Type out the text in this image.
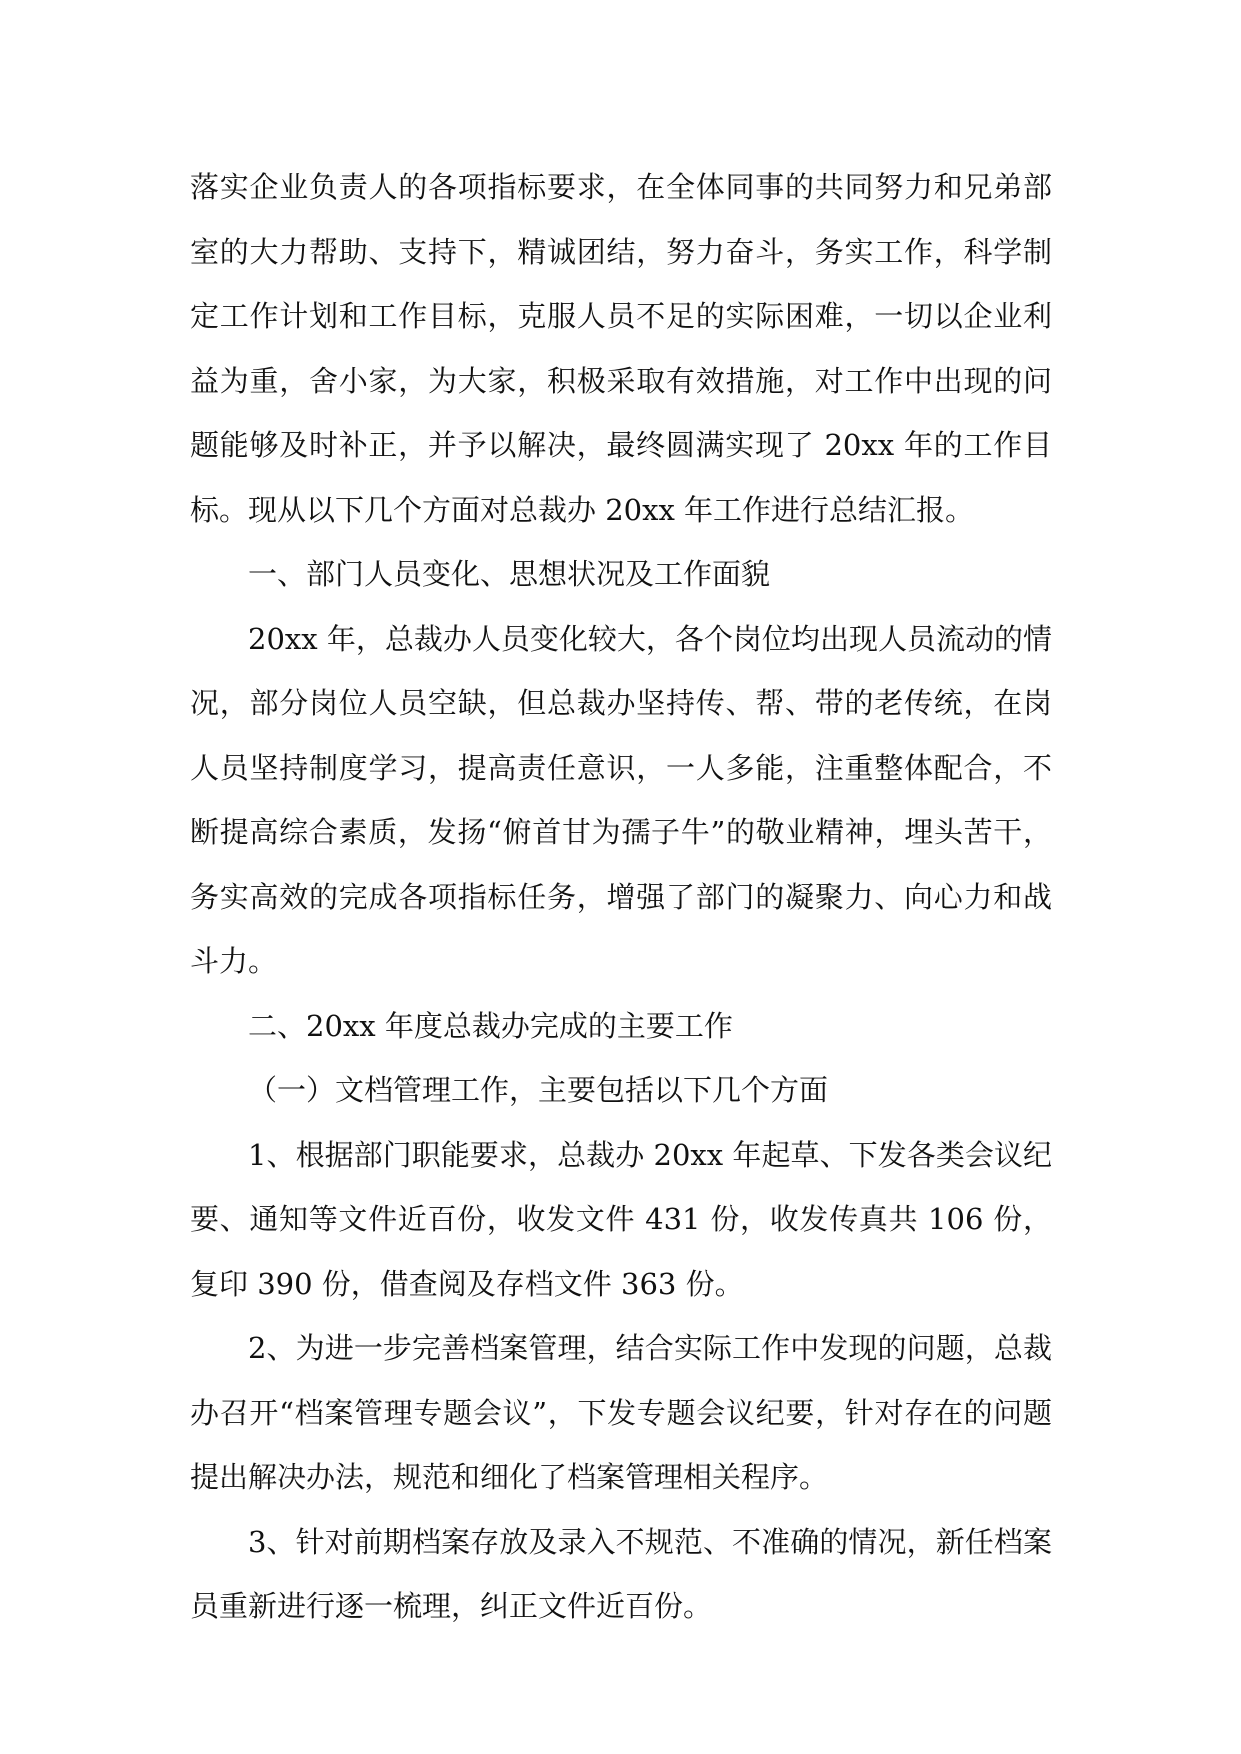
落实企业负责人的各项指标要求，在全体同事的共同努力和兄弟部室的大力帮助、支持下，精诚团结，努力奋斗，务实工作，科学制定工作计划和工作目标，克服人员不足的实际困难，一切以企业利益为重，舍小家，为大家，积极采取有效措施，对工作中出现的问题能够及时补正，并予以解决，最终圆满实现了 20xx 年的工作目标。现从以下几个方面对总裁办 20xx 年工作进行总结汇报。

一、部门人员变化、思想状况及工作面貌

20xx 年，总裁办人员变化较大，各个岗位均出现人员流动的情况，部分岗位人员空缺，但总裁办坚持传、帮、带的老传统，在岗人员坚持制度学习，提高责任意识，一人多能，注重整体配合，不断提高综合素质，发扬“俯首甘为孺子牛”的敬业精神，埋头苦干，务实高效的完成各项指标任务，增强了部门的凝聚力、向心力和战斗力。

二、20xx 年度总裁办完成的主要工作

（一）文档管理工作，主要包括以下几个方面

1、根据部门职能要求，总裁办 20xx 年起草、下发各类会议纪要、通知等文件近百份，收发文件 431 份，收发传真共 106 份，复印 390 份，借查阅及存档文件 363 份。

2、为进一步完善档案管理，结合实际工作中发现的问题，总裁办召开“档案管理专题会议”，下发专题会议纪要，针对存在的问题提出解决办法，规范和细化了档案管理相关程序。

3、针对前期档案存放及录入不规范、不准确的情况，新任档案员重新进行逐一梳理，纠正文件近百份。
